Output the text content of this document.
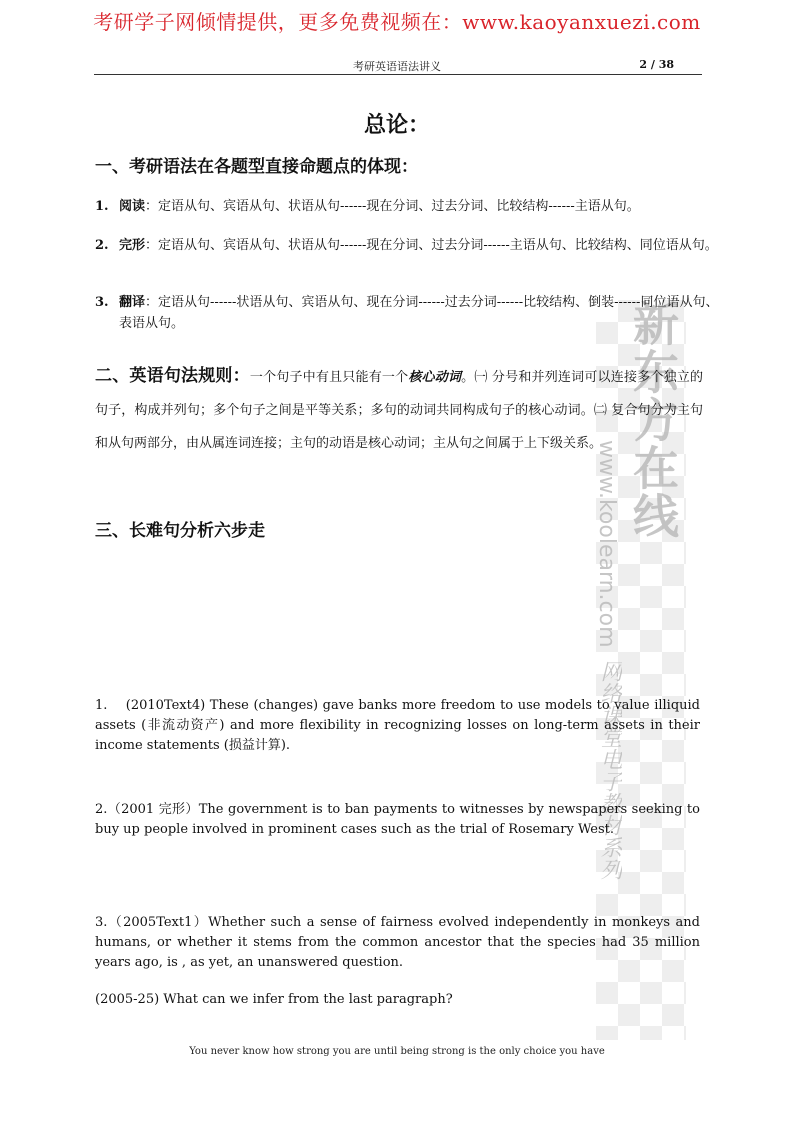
考研学子网倾情提供，更多免费视频在：www.kaoyanxuezi.com
考研英语语法讲义	2 / 38
新东方在线
www.koolearn.com
网络课堂电子教材系列
总论：
一、考研语法在各题型直接命题点的体现：
1. 阅读：定语从句、宾语从句、状语从句------现在分词、过去分词、比较结构------主语从句。
2. 完形：定语从句、宾语从句、状语从句------现在分词、过去分词------主语从句、比较结构、同位语从句。
3. 翻译：定语从句------状语从句、宾语从句、现在分词------过去分词------比较结构、倒装------同位语从句、表语从句。
二、英语句法规则：一个句子中有且只能有一个核心动词。㈠ 分号和并列连词可以连接多个独立的句子，构成并列句；多个句子之间是平等关系；多句的动词共同构成句子的核心动词。㈡ 复合句分为主句和从句两部分，由从属连词连接；主句的动语是核心动词；主从句之间属于上下级关系。
三、长难句分析六步走
1.    (2010Text4) These (changes) gave banks more freedom to use models to value illiquid assets (非流动资产) and more flexibility in recognizing losses on long-term assets in their income statements (损益计算).
2.（2001 完形）The government is to ban payments to witnesses by newspapers seeking to buy up people involved in prominent cases such as the trial of Rosemary West.
3.（2005Text1）Whether such a sense of fairness evolved independently in monkeys and humans, or whether it stems from the common ancestor that the species had 35 million years ago, is , as yet, an unanswered question.
(2005-25) What can we infer from the last paragraph?
You never know how strong you are until being strong is the only choice you have
